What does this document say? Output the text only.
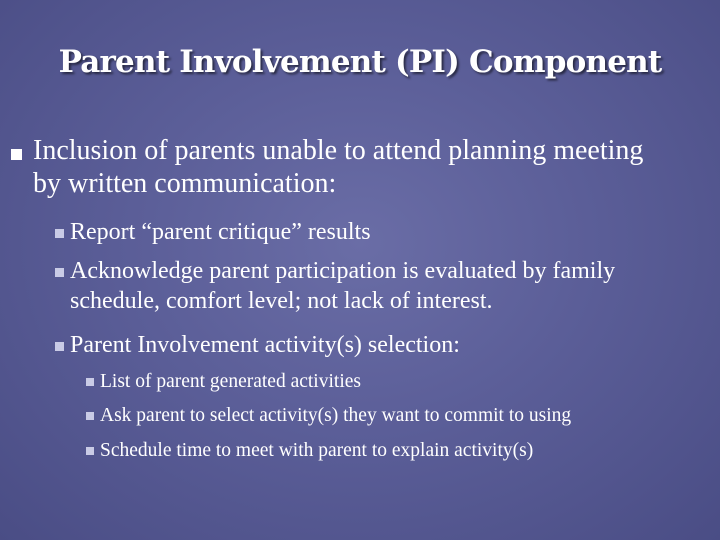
Parent Involvement (PI) Component
Inclusion of parents unable to attend planning meeting by written communication:
Report “parent critique” results
Acknowledge parent participation is evaluated by family schedule, comfort level; not lack of interest.
Parent Involvement activity(s) selection:
List of parent generated activities
Ask parent to select activity(s) they want to commit to using
Schedule time to meet with parent to explain activity(s)
